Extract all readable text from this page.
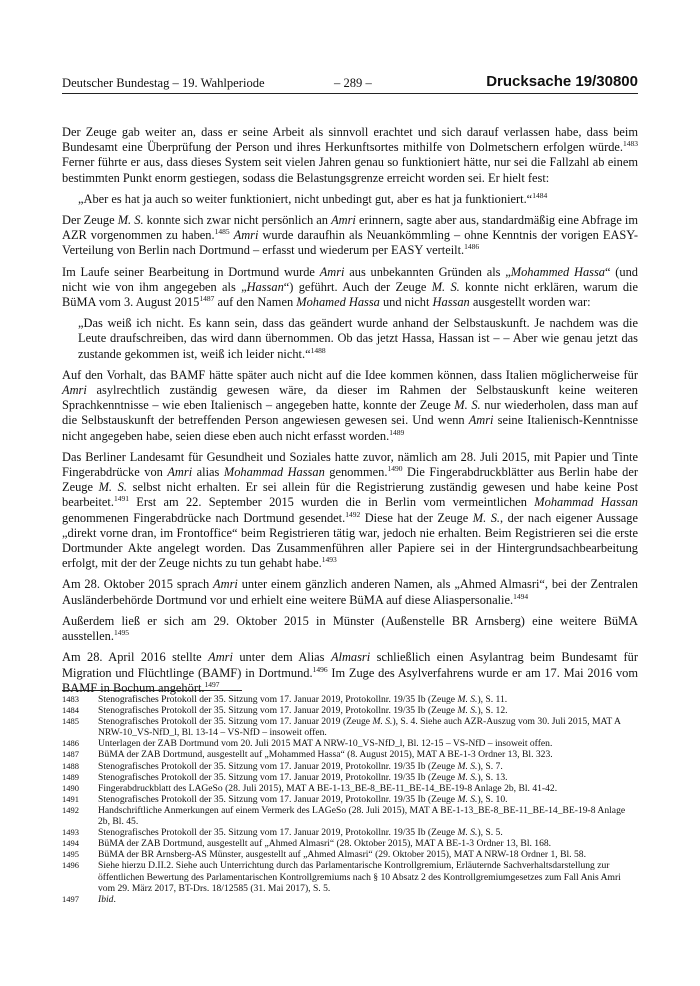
Deutscher Bundestag – 19. Wahlperiode	– 289 –	Drucksache 19/30800

Der Zeuge gab weiter an, dass er seine Arbeit als sinnvoll erachtet und sich darauf verlassen habe, dass beim Bundesamt eine Überprüfung der Person und ihres Herkunftsortes mithilfe von Dolmetschern erfolgen würde.$^{1483}$ Ferner führte er aus, dass dieses System seit vielen Jahren genau so funktioniert hätte, nur sei die Fallzahl ab einem bestimmten Punkt enorm gestiegen, sodass die Belastungsgrenze erreicht worden sei. Er hielt fest:

„Aber es hat ja auch so weiter funktioniert, nicht unbedingt gut, aber es hat ja funktioniert.“$^{1484}$

Der Zeuge M. S. konnte sich zwar nicht persönlich an Amri erinnern, sagte aber aus, standardmäßig eine Abfrage im AZR vorgenommen zu haben.$^{1485}$ Amri wurde daraufhin als Neuankömmling – ohne Kenntnis der vorigen EASY-Verteilung von Berlin nach Dortmund – erfasst und wiederum per EASY verteilt.$^{1486}$

Im Laufe seiner Bearbeitung in Dortmund wurde Amri aus unbekannten Gründen als „Mohammed Hassa“ (und nicht wie von ihm angegeben als „Hassan“) geführt. Auch der Zeuge M. S. konnte nicht erklären, warum die BüMA vom 3. August $2015^{1487}$ auf den Namen Mohamed Hassa und nicht Hassan ausgestellt worden war:

„Das weiß ich nicht. Es kann sein, dass das geändert wurde anhand der Selbstauskunft. Je nachdem was die Leute draufschreiben, das wird dann übernommen. Ob das jetzt Hassa, Hassan ist – – Aber wie genau jetzt das zustande gekommen ist, weiß ich leider nicht.“$^{1488}$

Auf den Vorhalt, das BAMF hätte später auch nicht auf die Idee kommen können, dass Italien möglicherweise für Amri asylrechtlich zuständig gewesen wäre, da dieser im Rahmen der Selbstauskunft keine weiteren Sprachkenntnisse – wie eben Italienisch – angegeben hatte, konnte der Zeuge M. S. nur wiederholen, dass man auf die Selbstauskunft der betreffenden Person angewiesen gewesen sei. Und wenn Amri seine Italienisch-Kenntnisse nicht angegeben habe, seien diese eben auch nicht erfasst worden.$^{1489}$

Das Berliner Landesamt für Gesundheit und Soziales hatte zuvor, nämlich am 28. Juli 2015, mit Papier und Tinte Fingerabdrücke von Amri alias Mohammad Hassan genommen.$^{1490}$ Die Fingerabdruckblätter aus Berlin habe der Zeuge M. S. selbst nicht erhalten. Er sei allein für die Registrierung zuständig gewesen und habe keine Post bearbeitet.$^{1491}$ Erst am 22. September 2015 wurden die in Berlin vom vermeintlichen Mohammad Hassan genommenen Fingerabdrücke nach Dortmund gesendet.$^{1492}$ Diese hat der Zeuge M. S., der nach eigener Aussage „direkt vorne dran, im Frontoffice“ beim Registrieren tätig war, jedoch nie erhalten. Beim Registrieren sei die erste Dortmunder Akte angelegt worden. Das Zusammenführen aller Papiere sei in der Hintergrundsachbearbeitung erfolgt, mit der der Zeuge nichts zu tun gehabt habe.$^{1493}$

Am 28. Oktober 2015 sprach Amri unter einem gänzlich anderen Namen, als „Ahmed Almasri“, bei der Zentralen Ausländerbehörde Dortmund vor und erhielt eine weitere BüMA auf diese Aliaspersonalie.$^{1494}$

Außerdem ließ er sich am 29. Oktober 2015 in Münster (Außenstelle BR Arnsberg) eine weitere BüMA ausstellen.$^{1495}$

Am 28. April 2016 stellte Amri unter dem Alias Almasri schließlich einen Asylantrag beim Bundesamt für Migration und Flüchtlinge (BAMF) in Dortmund.$^{1496}$ Im Zuge des Asylverfahrens wurde er am 17. Mai 2016 vom BAMF in Bochum angehört.$^{1497}$

1483	Stenografisches Protokoll der 35. Sitzung vom 17. Januar 2019, Protokollnr. 19/35 Ib (Zeuge M. S.), S. 11.
1484	Stenografisches Protokoll der 35. Sitzung vom 17. Januar 2019, Protokollnr. 19/35 Ib (Zeuge M. S.), S. 12.
1485	Stenografisches Protokoll der 35. Sitzung vom 17. Januar 2019 (Zeuge M. S.), S. 4. Siehe auch AZR-Auszug vom 30. Juli 2015, MAT A NRW-10_VS-NfD_l, Bl. 13-14 – VS-NfD – insoweit offen.
1486	Unterlagen der ZAB Dortmund vom 20. Juli 2015 MAT A NRW-10_VS-NfD_l, Bl. 12-15 – VS-NfD – insoweit offen.
1487	BüMA der ZAB Dortmund, ausgestellt auf „Mohammed Hassa“ (8. August 2015), MAT A BE-1-3 Ordner 13, Bl. 323.
1488	Stenografisches Protokoll der 35. Sitzung vom 17. Januar 2019, Protokollnr. 19/35 Ib (Zeuge M. S.), S. 7.
1489	Stenografisches Protokoll der 35. Sitzung vom 17. Januar 2019, Protokollnr. 19/35 Ib (Zeuge M. S.), S. 13.
1490	Fingerabdruckblatt des LAGeSo (28. Juli 2015), MAT A BE-1-13_BE-8_BE-11_BE-14_BE-19-8 Anlage 2b, Bl. 41-42.
1491	Stenografisches Protokoll der 35. Sitzung vom 17. Januar 2019, Protokollnr. 19/35 Ib (Zeuge M. S.), S. 10.
1492	Handschriftliche Anmerkungen auf einem Vermerk des LAGeSo (28. Juli 2015), MAT A BE-1-13_BE-8_BE-11_BE-14_BE-19-8 Anlage 2b, Bl. 45.
1493	Stenografisches Protokoll der 35. Sitzung vom 17. Januar 2019, Protokollnr. 19/35 Ib (Zeuge M. S.), S. 5.
1494	BüMA der ZAB Dortmund, ausgestellt auf „Ahmed Almasri“ (28. Oktober 2015), MAT A BE-1-3 Ordner 13, Bl. 168.
1495	BüMA der BR Arnsberg-AS Münster, ausgestellt auf „Ahmed Almasri“ (29. Oktober 2015), MAT A NRW-18 Ordner 1, Bl. 58.
1496	Siehe hierzu D.II.2. Siehe auch Unterrichtung durch das Parlamentarische Kontrollgremium, Erläuternde Sachverhaltsdarstellung zur öffentlichen Bewertung des Parlamentarischen Kontrollgremiums nach § 10 Absatz 2 des Kontrollgremiumgesetzes zum Fall Anis Amri vom 29. März 2017, BT-Drs. 18/12585 (31. Mai 2017), S. 5.
1497	Ibid.
